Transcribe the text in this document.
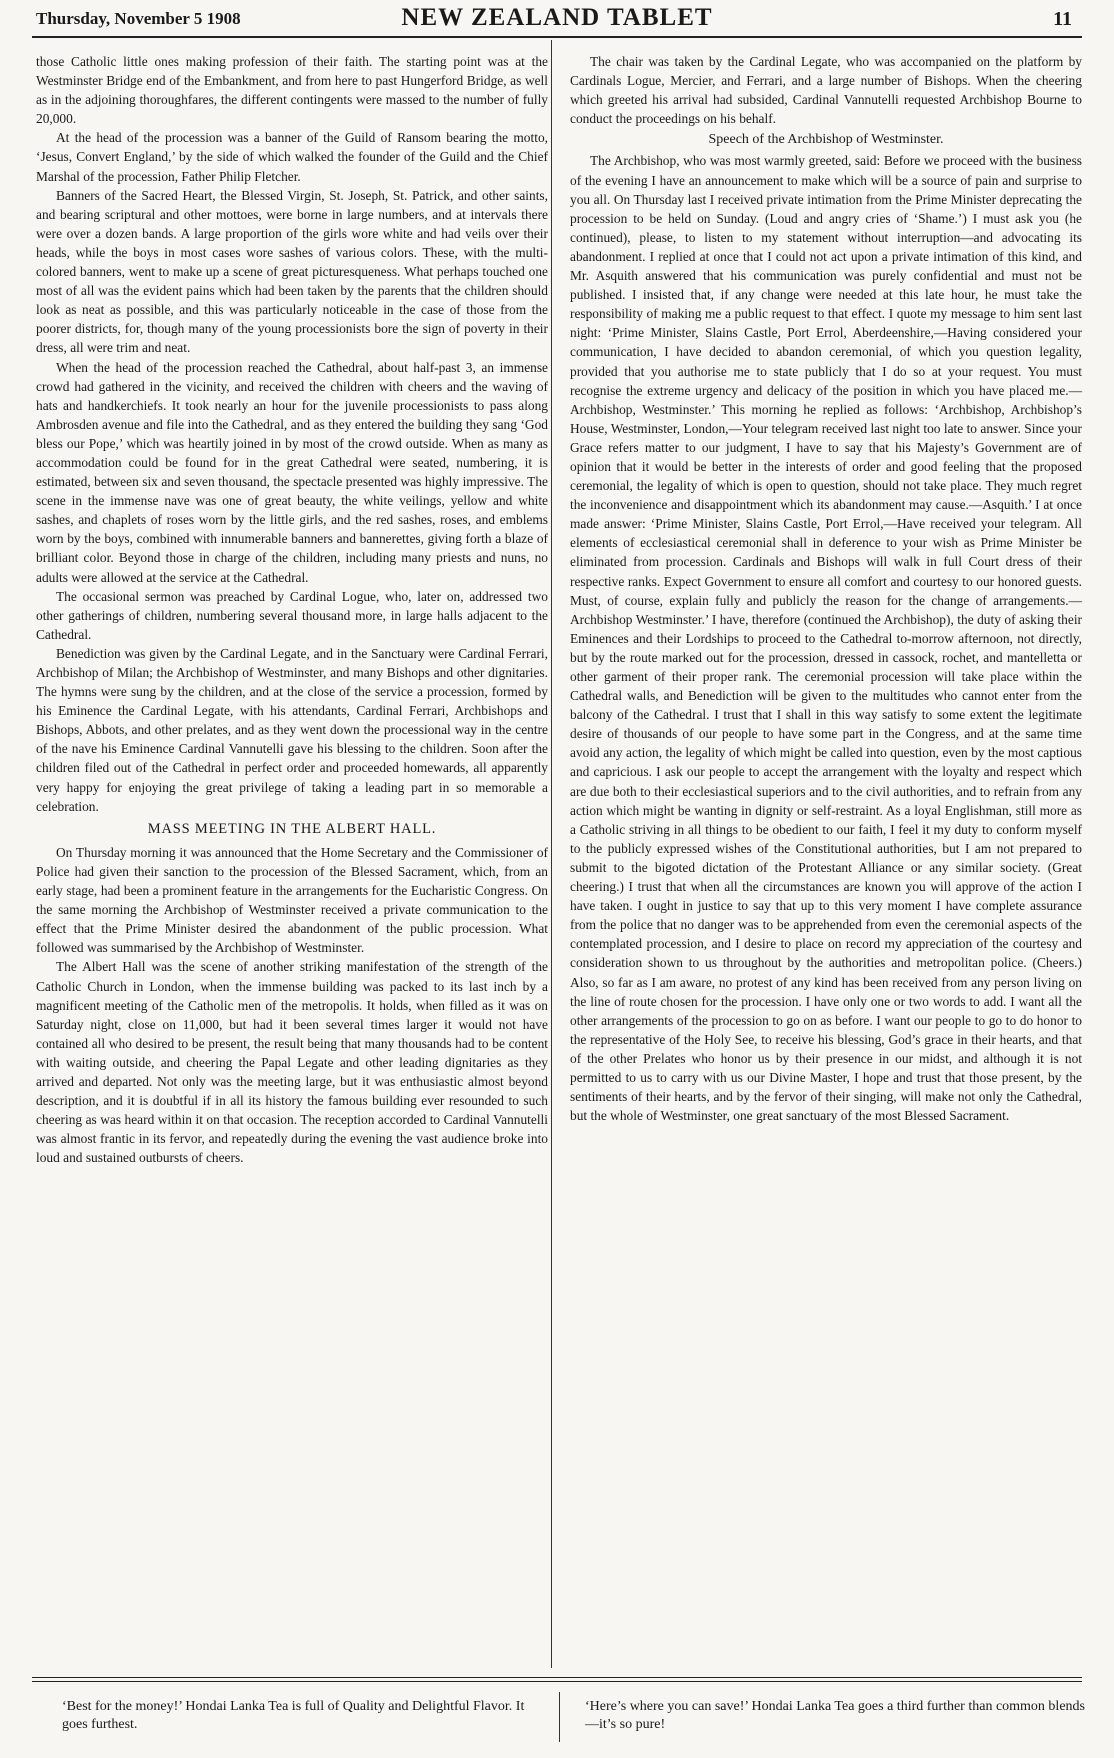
Thursday, November 5 1908	NEW ZEALAND TABLET	11

those Catholic little ones making profession of their faith. The starting point was at the Westminster Bridge end of the Embankment, and from here to past Hungerford Bridge, as well as in the adjoining thoroughfares, the different contingents were massed to the number of fully 20,000.

At the head of the procession was a banner of the Guild of Ransom bearing the motto, ‘Jesus, Convert England,’ by the side of which walked the founder of the Guild and the Chief Marshal of the procession, Father Philip Fletcher.

Banners of the Sacred Heart, the Blessed Virgin, St. Joseph, St. Patrick, and other saints, and bearing scriptural and other mottoes, were borne in large numbers, and at intervals there were over a dozen bands. A large proportion of the girls wore white and had veils over their heads, while the boys in most cases wore sashes of various colors. These, with the multi-colored banners, went to make up a scene of great picturesqueness. What perhaps touched one most of all was the evident pains which had been taken by the parents that the children should look as neat as possible, and this was particularly noticeable in the case of those from the poorer districts, for, though many of the young processionists bore the sign of poverty in their dress, all were trim and neat.

When the head of the procession reached the Cathedral, about half-past 3, an immense crowd had gathered in the vicinity, and received the children with cheers and the waving of hats and handkerchiefs. It took nearly an hour for the juvenile processionists to pass along Ambrosden avenue and file into the Cathedral, and as they entered the building they sang ‘God bless our Pope,’ which was heartily joined in by most of the crowd outside. When as many as accommodation could be found for in the great Cathedral were seated, numbering, it is estimated, between six and seven thousand, the spectacle presented was highly impressive. The scene in the immense nave was one of great beauty, the white veilings, yellow and white sashes, and chaplets of roses worn by the little girls, and the red sashes, roses, and emblems worn by the boys, combined with innumerable banners and bannerettes, giving forth a blaze of brilliant color. Beyond those in charge of the children, including many priests and nuns, no adults were allowed at the service at the Cathedral.

The occasional sermon was preached by Cardinal Logue, who, later on, addressed two other gatherings of children, numbering several thousand more, in large halls adjacent to the Cathedral.

Benediction was given by the Cardinal Legate, and in the Sanctuary were Cardinal Ferrari, Archbishop of Milan; the Archbishop of Westminster, and many Bishops and other dignitaries. The hymns were sung by the children, and at the close of the service a procession, formed by his Eminence the Cardinal Legate, with his attendants, Cardinal Ferrari, Archbishops and Bishops, Abbots, and other prelates, and as they went down the processional way in the centre of the nave his Eminence Cardinal Vannutelli gave his blessing to the children. Soon after the children filed out of the Cathedral in perfect order and proceeded homewards, all apparently very happy for enjoying the great privilege of taking a leading part in so memorable a celebration.

MASS MEETING IN THE ALBERT HALL.

On Thursday morning it was announced that the Home Secretary and the Commissioner of Police had given their sanction to the procession of the Blessed Sacrament, which, from an early stage, had been a prominent feature in the arrangements for the Eucharistic Congress. On the same morning the Archbishop of Westminster received a private communication to the effect that the Prime Minister desired the abandonment of the public procession. What followed was summarised by the Archbishop of Westminster.

The Albert Hall was the scene of another striking manifestation of the strength of the Catholic Church in London, when the immense building was packed to its last inch by a magnificent meeting of the Catholic men of the metropolis. It holds, when filled as it was on Saturday night, close on 11,000, but had it been several times larger it would not have contained all who desired to be present, the result being that many thousands had to be content with waiting outside, and cheering the Papal Legate and other leading dignitaries as they arrived and departed. Not only was the meeting large, but it was enthusiastic almost beyond description, and it is doubtful if in all its history the famous building ever resounded to such cheering as was heard within it on that occasion. The reception accorded to Cardinal Vannutelli was almost frantic in its fervor, and repeatedly during the evening the vast audience broke into loud and sustained outbursts of cheers.

The chair was taken by the Cardinal Legate, who was accompanied on the platform by Cardinals Logue, Mercier, and Ferrari, and a large number of Bishops. When the cheering which greeted his arrival had subsided, Cardinal Vannutelli requested Archbishop Bourne to conduct the proceedings on his behalf.

Speech of the Archbishop of Westminster.

The Archbishop, who was most warmly greeted, said: Before we proceed with the business of the evening I have an announcement to make which will be a source of pain and surprise to you all. On Thursday last I received private intimation from the Prime Minister deprecating the procession to be held on Sunday. (Loud and angry cries of ‘Shame.’) I must ask you (he continued), please, to listen to my statement without interruption—and advocating its abandonment. I replied at once that I could not act upon a private intimation of this kind, and Mr. Asquith answered that his communication was purely confidential and must not be published. I insisted that, if any change were needed at this late hour, he must take the responsibility of making me a public request to that effect. I quote my message to him sent last night: ‘Prime Minister, Slains Castle, Port Errol, Aberdeenshire,—Having considered your communication, I have decided to abandon ceremonial, of which you question legality, provided that you authorise me to state publicly that I do so at your request. You must recognise the extreme urgency and delicacy of the position in which you have placed me.—Archbishop, Westminster.’ This morning he replied as follows: ‘Archbishop, Archbishop’s House, Westminster, London,—Your telegram received last night too late to answer. Since your Grace refers matter to our judgment, I have to say that his Majesty’s Government are of opinion that it would be better in the interests of order and good feeling that the proposed ceremonial, the legality of which is open to question, should not take place. They much regret the inconvenience and disappointment which its abandonment may cause.—Asquith.’ I at once made answer: ‘Prime Minister, Slains Castle, Port Errol,—Have received your telegram. All elements of ecclesiastical ceremonial shall in deference to your wish as Prime Minister be eliminated from procession. Cardinals and Bishops will walk in full Court dress of their respective ranks. Expect Government to ensure all comfort and courtesy to our honored guests. Must, of course, explain fully and publicly the reason for the change of arrangements.—Archbishop Westminster.’ I have, therefore (continued the Archbishop), the duty of asking their Eminences and their Lordships to proceed to the Cathedral to-morrow afternoon, not directly, but by the route marked out for the procession, dressed in cassock, rochet, and mantelletta or other garment of their proper rank. The ceremonial procession will take place within the Cathedral walls, and Benediction will be given to the multitudes who cannot enter from the balcony of the Cathedral. I trust that I shall in this way satisfy to some extent the legitimate desire of thousands of our people to have some part in the Congress, and at the same time avoid any action, the legality of which might be called into question, even by the most captious and capricious. I ask our people to accept the arrangement with the loyalty and respect which are due both to their ecclesiastical superiors and to the civil authorities, and to refrain from any action which might be wanting in dignity or self-restraint. As a loyal Englishman, still more as a Catholic striving in all things to be obedient to our faith, I feel it my duty to conform myself to the publicly expressed wishes of the Constitutional authorities, but I am not prepared to submit to the bigoted dictation of the Protestant Alliance or any similar society. (Great cheering.) I trust that when all the circumstances are known you will approve of the action I have taken. I ought in justice to say that up to this very moment I have complete assurance from the police that no danger was to be apprehended from even the ceremonial aspects of the contemplated procession, and I desire to place on record my appreciation of the courtesy and consideration shown to us throughout by the authorities and metropolitan police. (Cheers.) Also, so far as I am aware, no protest of any kind has been received from any person living on the line of route chosen for the procession. I have only one or two words to add. I want all the other arrangements of the procession to go on as before. I want our people to go to do honor to the representative of the Holy See, to receive his blessing, God’s grace in their hearts, and that of the other Prelates who honor us by their presence in our midst, and although it is not permitted to us to carry with us our Divine Master, I hope and trust that those present, by the sentiments of their hearts, and by the fervor of their singing, will make not only the Cathedral, but the whole of Westminster, one great sanctuary of the most Blessed Sacrament.

‘Best for the money!’ Hondai Lanka Tea is full of Quality and Delightful Flavor. It goes furthest.
‘Here’s where you can save!’ Hondai Lanka Tea goes a third further than common blends—it’s so pure!
